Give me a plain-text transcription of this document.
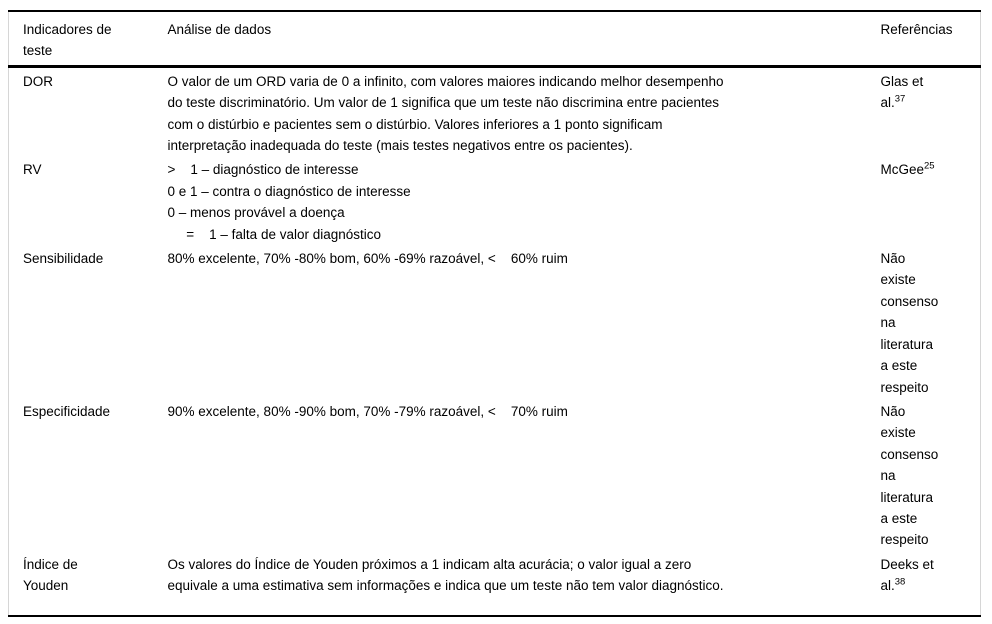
Indicadores de
teste	Análise de dados	Referências
DOR	O valor de um ORD varia de 0 a infinito, com valores maiores indicando melhor desempenho
do teste discriminatório. Um valor de 1 significa que um teste não discrimina entre pacientes
com o distúrbio e pacientes sem o distúrbio. Valores inferiores a 1 ponto significam
interpretação inadequada do teste (mais testes negativos entre os pacientes).	Glas et
al.$^{37}$
RV	>    1 – diagnóstico de interesse
0 e 1 – contra o diagnóstico de interesse
0 – menos provável a doença
=    1 – falta de valor diagnóstico	McGee$^{25}$
Sensibilidade	80% excelente, 70% -80% bom, 60% -69% razoável, <    60% ruim	Não
existe
consenso
na
literatura
a este
respeito
Especificidade	90% excelente, 80% -90% bom, 70% -79% razoável, <    70% ruim	Não
existe
consenso
na
literatura
a este
respeito
Índice de
Youden	Os valores do Índice de Youden próximos a 1 indicam alta acurácia; o valor igual a zero
equivale a uma estimativa sem informações e indica que um teste não tem valor diagnóstico.	Deeks et
al.$^{38}$
